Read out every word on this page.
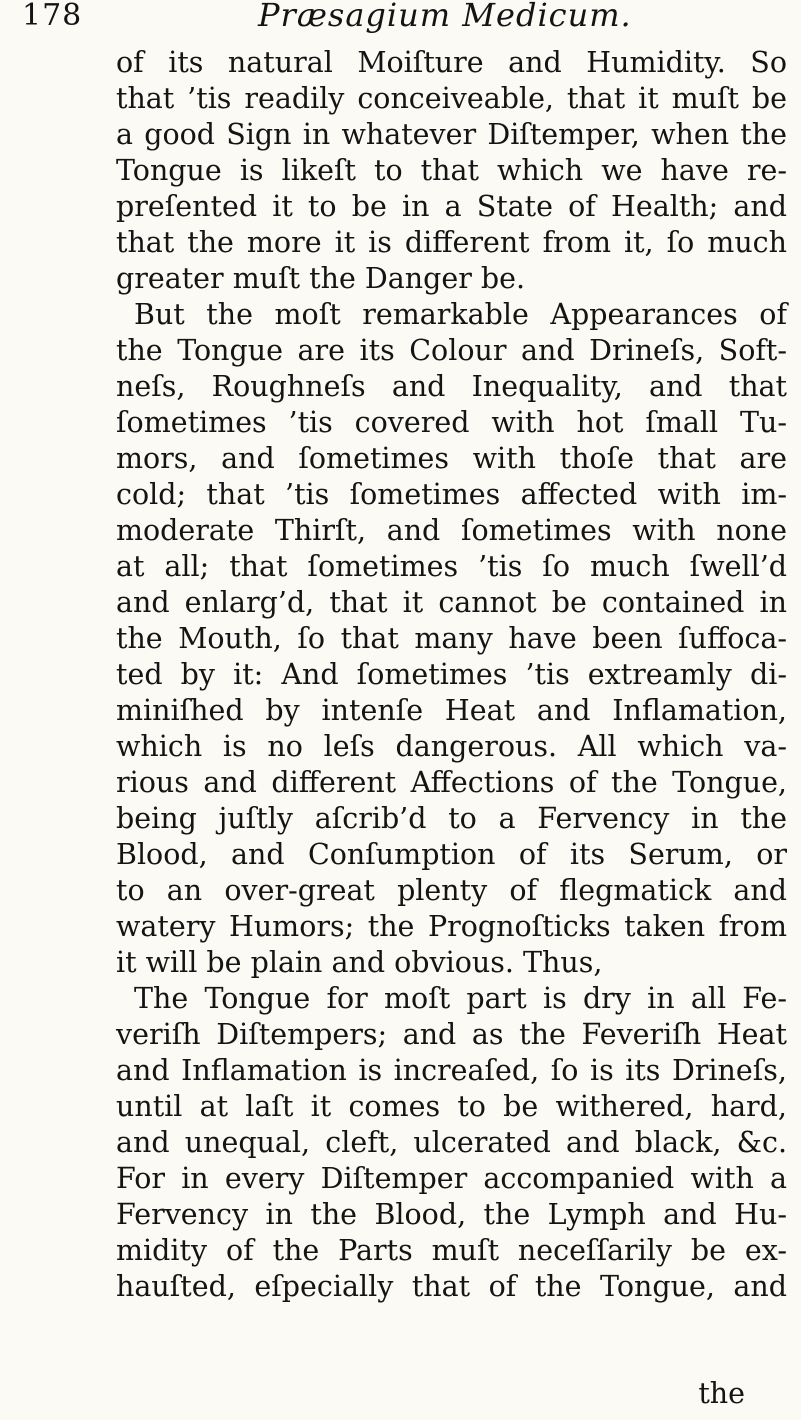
178	Præsagium Medicum.
of its natural Moiſture and Humidity. So
that ’tis readily conceiveable, that it muſt be
a good Sign in whatever Diſtemper, when the
Tongue is likeſt to that which we have re-
preſented it to be in a State of Health; and
that the more it is different from it, ſo much
greater muſt the Danger be.
But the moſt remarkable Appearances of
the Tongue are its Colour and Drineſs, Soft-
neſs, Roughneſs and Inequality, and that
ſometimes ’tis covered with hot ſmall Tu-
mors, and ſometimes with thoſe that are
cold; that ’tis ſometimes affected with im-
moderate Thirſt, and ſometimes with none
at all; that ſometimes ’tis ſo much ſwell’d
and enlarg’d, that it cannot be contained in
the Mouth, ſo that many have been ſuffoca-
ted by it: And ſometimes ’tis extreamly di-
miniſhed by intenſe Heat and Inflamation,
which is no leſs dangerous. All which va-
rious and different Affections of the Tongue,
being juſtly aſcrib’d to a Fervency in the
Blood, and Conſumption of its Serum, or
to an over-great plenty of flegmatick and
watery Humors; the Prognoſticks taken from
it will be plain and obvious. Thus,
The Tongue for moſt part is dry in all Fe-
veriſh Diſtempers; and as the Feveriſh Heat
and Inflamation is increaſed, ſo is its Drineſs,
until at laſt it comes to be withered, hard,
and unequal, cleft, ulcerated and black, &c.
For in every Diſtemper accompanied with a
Fervency in the Blood, the Lymph and Hu-
midity of the Parts muſt neceſſarily be ex-
hauſted, eſpecially that of the Tongue, and
the
